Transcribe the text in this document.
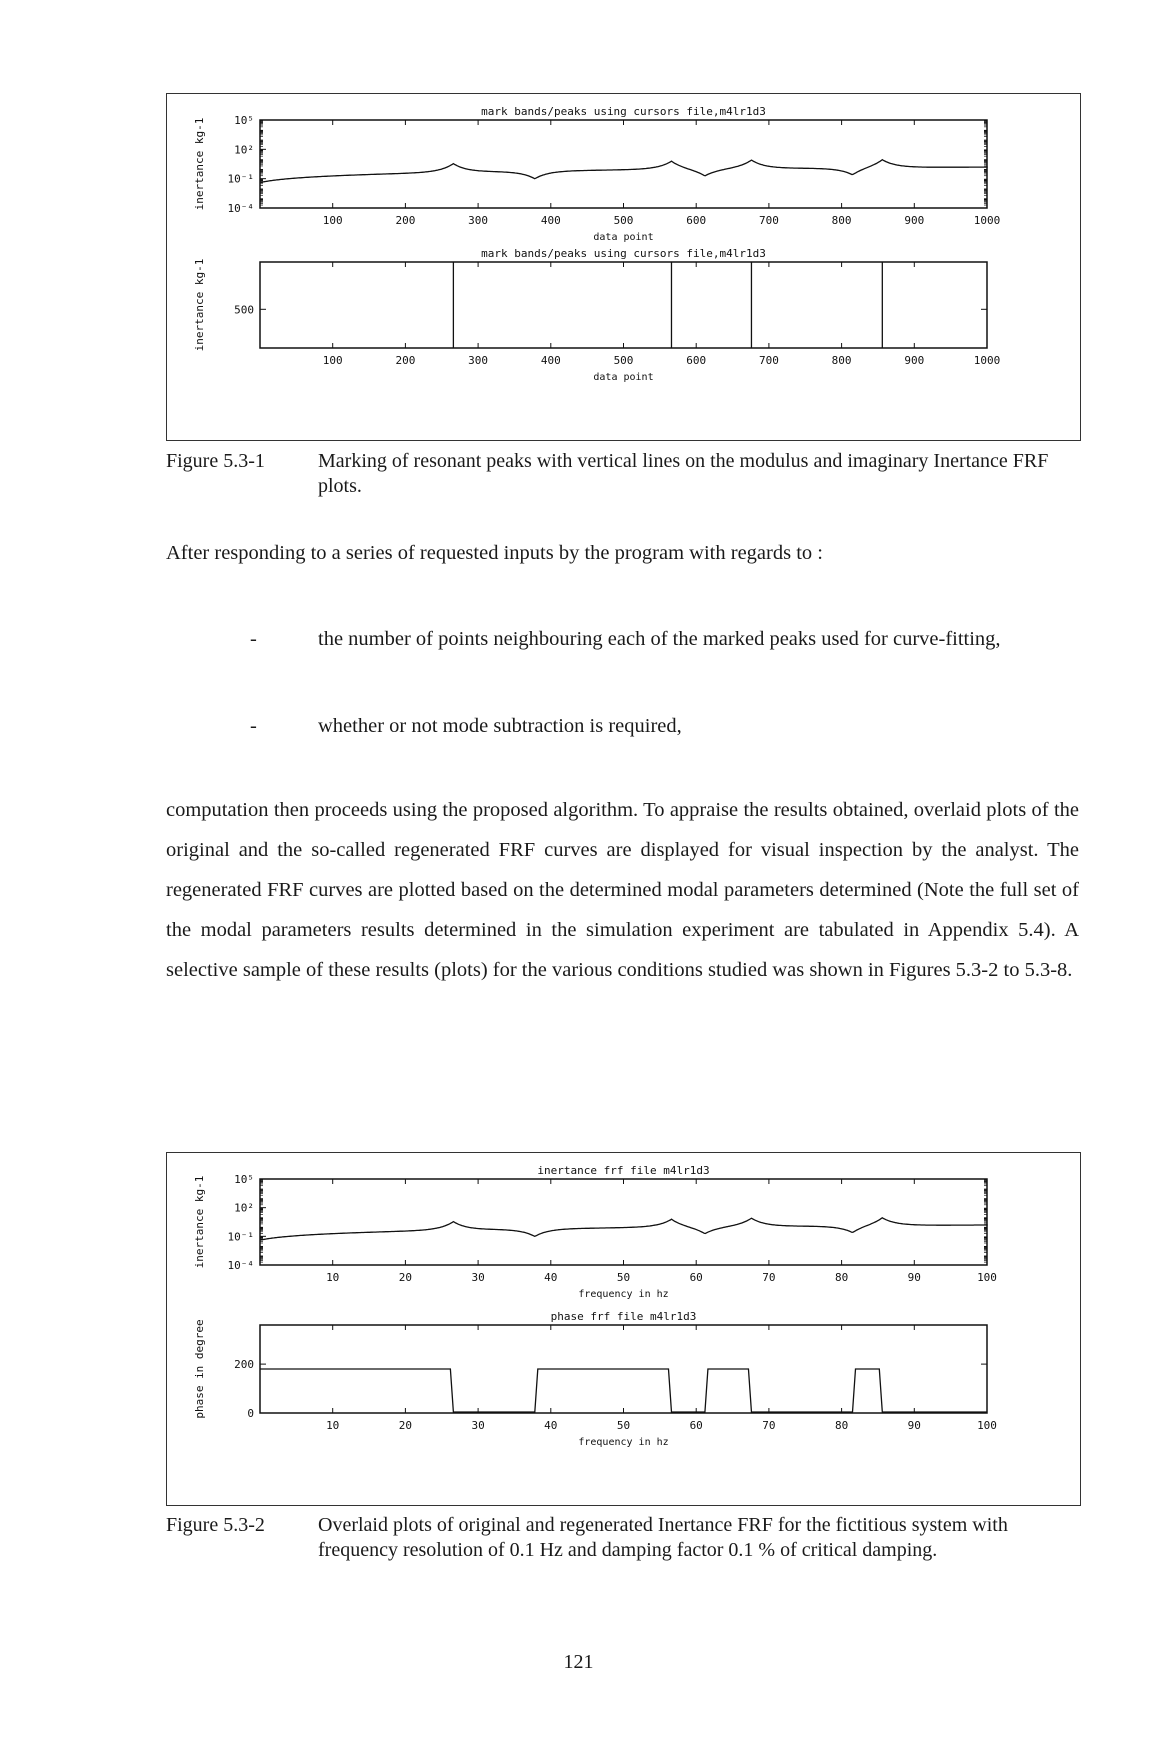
mark bands/peaks using cursors file,m4lr1d3
100	200	300	400	500	600	700	800	900	1000
data point
inertance kg-1	10⁵
10²
10⁻¹
10⁻⁴
mark bands/peaks using cursors file,m4lr1d3
100	200	300	400	500	600	700	800	900	1000
data point
inertance kg-1	500
Figure 5.3-1	Marking of resonant peaks with vertical lines on the modulus and imaginary Inertance FRF plots.
After responding to a series of requested inputs by the program with regards to :
-	the number of points neighbouring each of the marked peaks used for curve-fitting,
-	whether or not mode subtraction is required,
computation then proceeds using the proposed algorithm. To appraise the results obtained, overlaid plots of the original and the so-called regenerated FRF curves are displayed for visual inspection by the analyst. The regenerated FRF curves are plotted based on the determined modal parameters determined (Note the full set of the modal parameters results determined in the simulation experiment are tabulated in Appendix 5.4). A selective sample of these results (plots) for the various conditions studied was shown in Figures 5.3-2 to 5.3-8.
inertance frf file m4lr1d3
10	20	30	40	50	60	70	80	90	100
frequency in hz
inertance kg-1	10⁵
10²
10⁻¹
10⁻⁴
phase frf file m4lr1d3
10	20	30	40	50	60	70	80	90	100
frequency in hz
phase in degree	200
0
Figure 5.3-2	Overlaid plots of original and regenerated Inertance FRF for the fictitious system with frequency resolution of 0.1 Hz and damping factor 0.1 % of critical damping.
121
